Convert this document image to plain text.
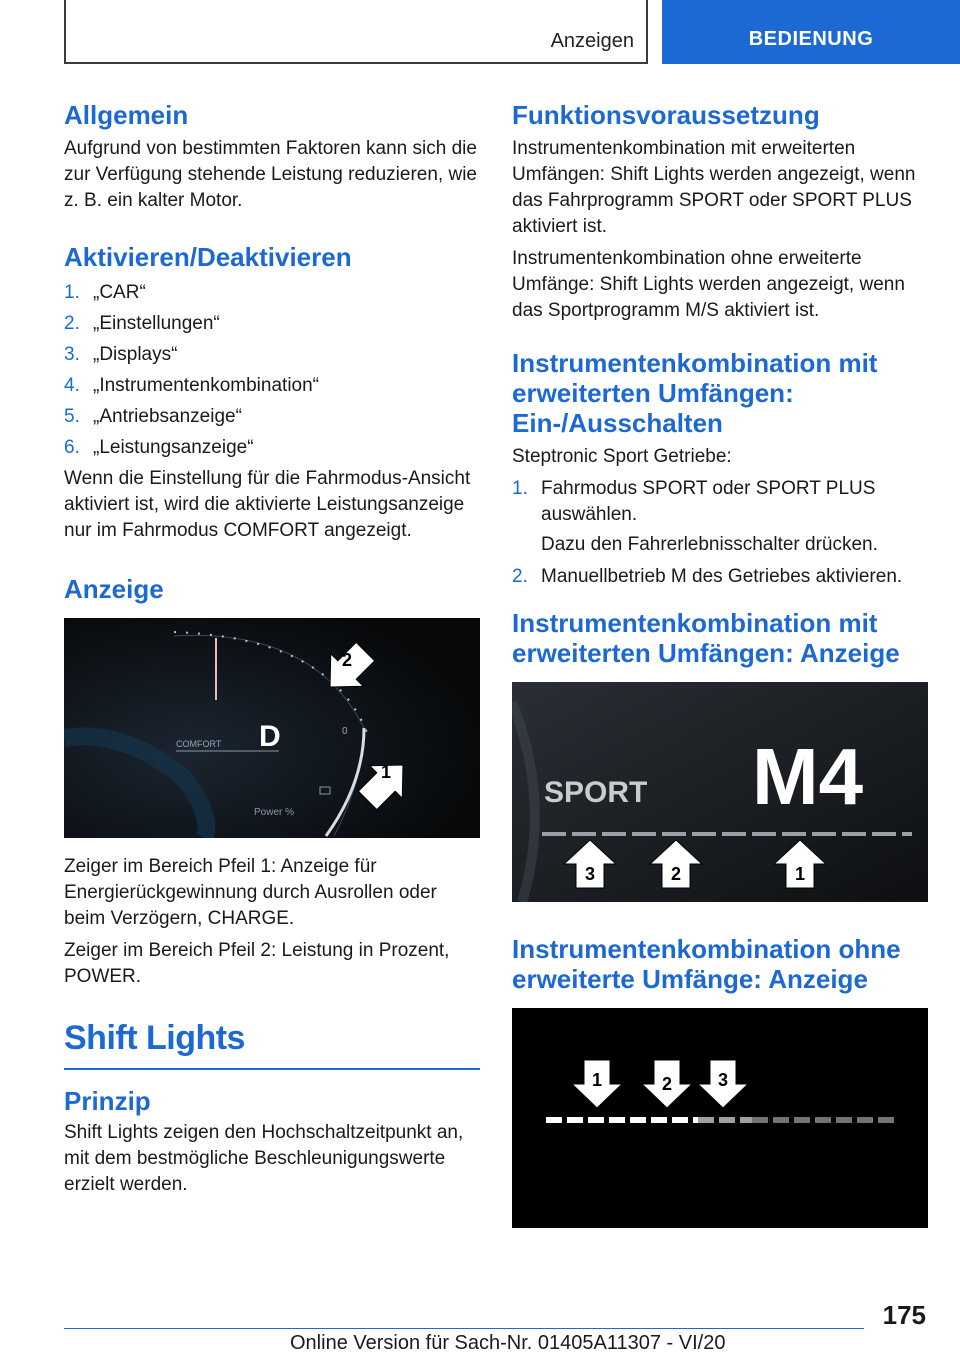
Anzeigen	BEDIENUNG
Allgemein

Aufgrund von bestimmten Faktoren kann sich die zur Verfügung stehende Leistung reduzieren, wie z. B. ein kalter Motor.

Aktivieren/Deaktivieren
1. „CAR“
2. „Einstellungen“
3. „Displays“
4. „Instrumentenkombination“
5. „Antriebsanzeige“
6. „Leistungsanzeige“

Wenn die Einstellung für die Fahrmodus-Ansicht aktiviert ist, wird die aktivierte Leistungsanzeige nur im Fahrmodus COMFORT angezeigt.

Anzeige
COMFORT D	0
Power %
2
1

Zeiger im Bereich Pfeil 1: Anzeige für Energierückgewinnung durch Ausrollen oder beim Verzögern, CHARGE.

Zeiger im Bereich Pfeil 2: Leistung in Prozent, POWER.

Shift Lights
Prinzip

Shift Lights zeigen den Hochschaltzeitpunkt an, mit dem bestmögliche Beschleunigungswerte erzielt werden.

Funktionsvoraussetzung

Instrumentenkombination mit erweiterten Umfängen: Shift Lights werden angezeigt, wenn das Fahrprogramm SPORT oder SPORT PLUS aktiviert ist.

Instrumentenkombination ohne erweiterte Umfänge: Shift Lights werden angezeigt, wenn das Sportprogramm M/S aktiviert ist.

Instrumentenkombination mit erweiterten Umfängen: Ein-/Ausschalten

Steptronic Sport Getriebe:

1. Fahrmodus SPORT oder SPORT PLUS auswählen.
Dazu den Fahrerlebnisschalter drücken.
2. Manuellbetrieb M des Getriebes aktivieren.
Instrumentenkombination mit erweiterten Umfängen: Anzeige
SPORT M4
3	2	1
Instrumentenkombination ohne erweiterte Umfänge: Anzeige
1	2	3
175
Online Version für Sach-Nr. 01405A11307 - VI/20
